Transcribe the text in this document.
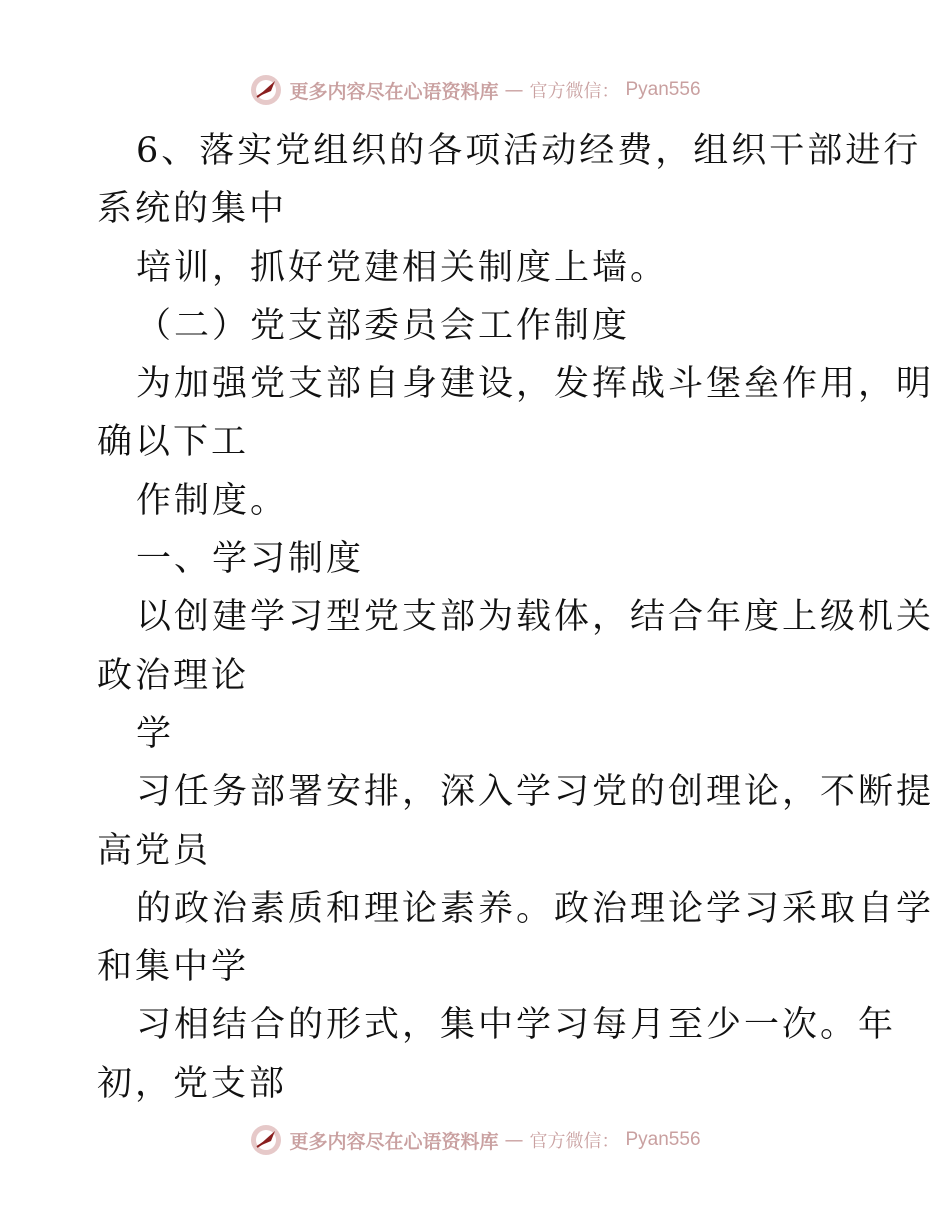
更多内容尽在心语资料库 — 官方微信： Pyan556
6、落实党组织的各项活动经费，组织干部进行
系统的集中
培训，抓好党建相关制度上墙。
（二）党支部委员会工作制度
为加强党支部自身建设，发挥战斗堡垒作用，明
确以下工
作制度。
一、学习制度
以创建学习型党支部为载体，结合年度上级机关
政治理论
学
习任务部署安排，深入学习党的创理论，不断提
高党员
的政治素质和理论素养。政治理论学习采取自学
和集中学
习相结合的形式，集中学习每月至少一次。年
初，党支部
更多内容尽在心语资料库 — 官方微信： Pyan556
